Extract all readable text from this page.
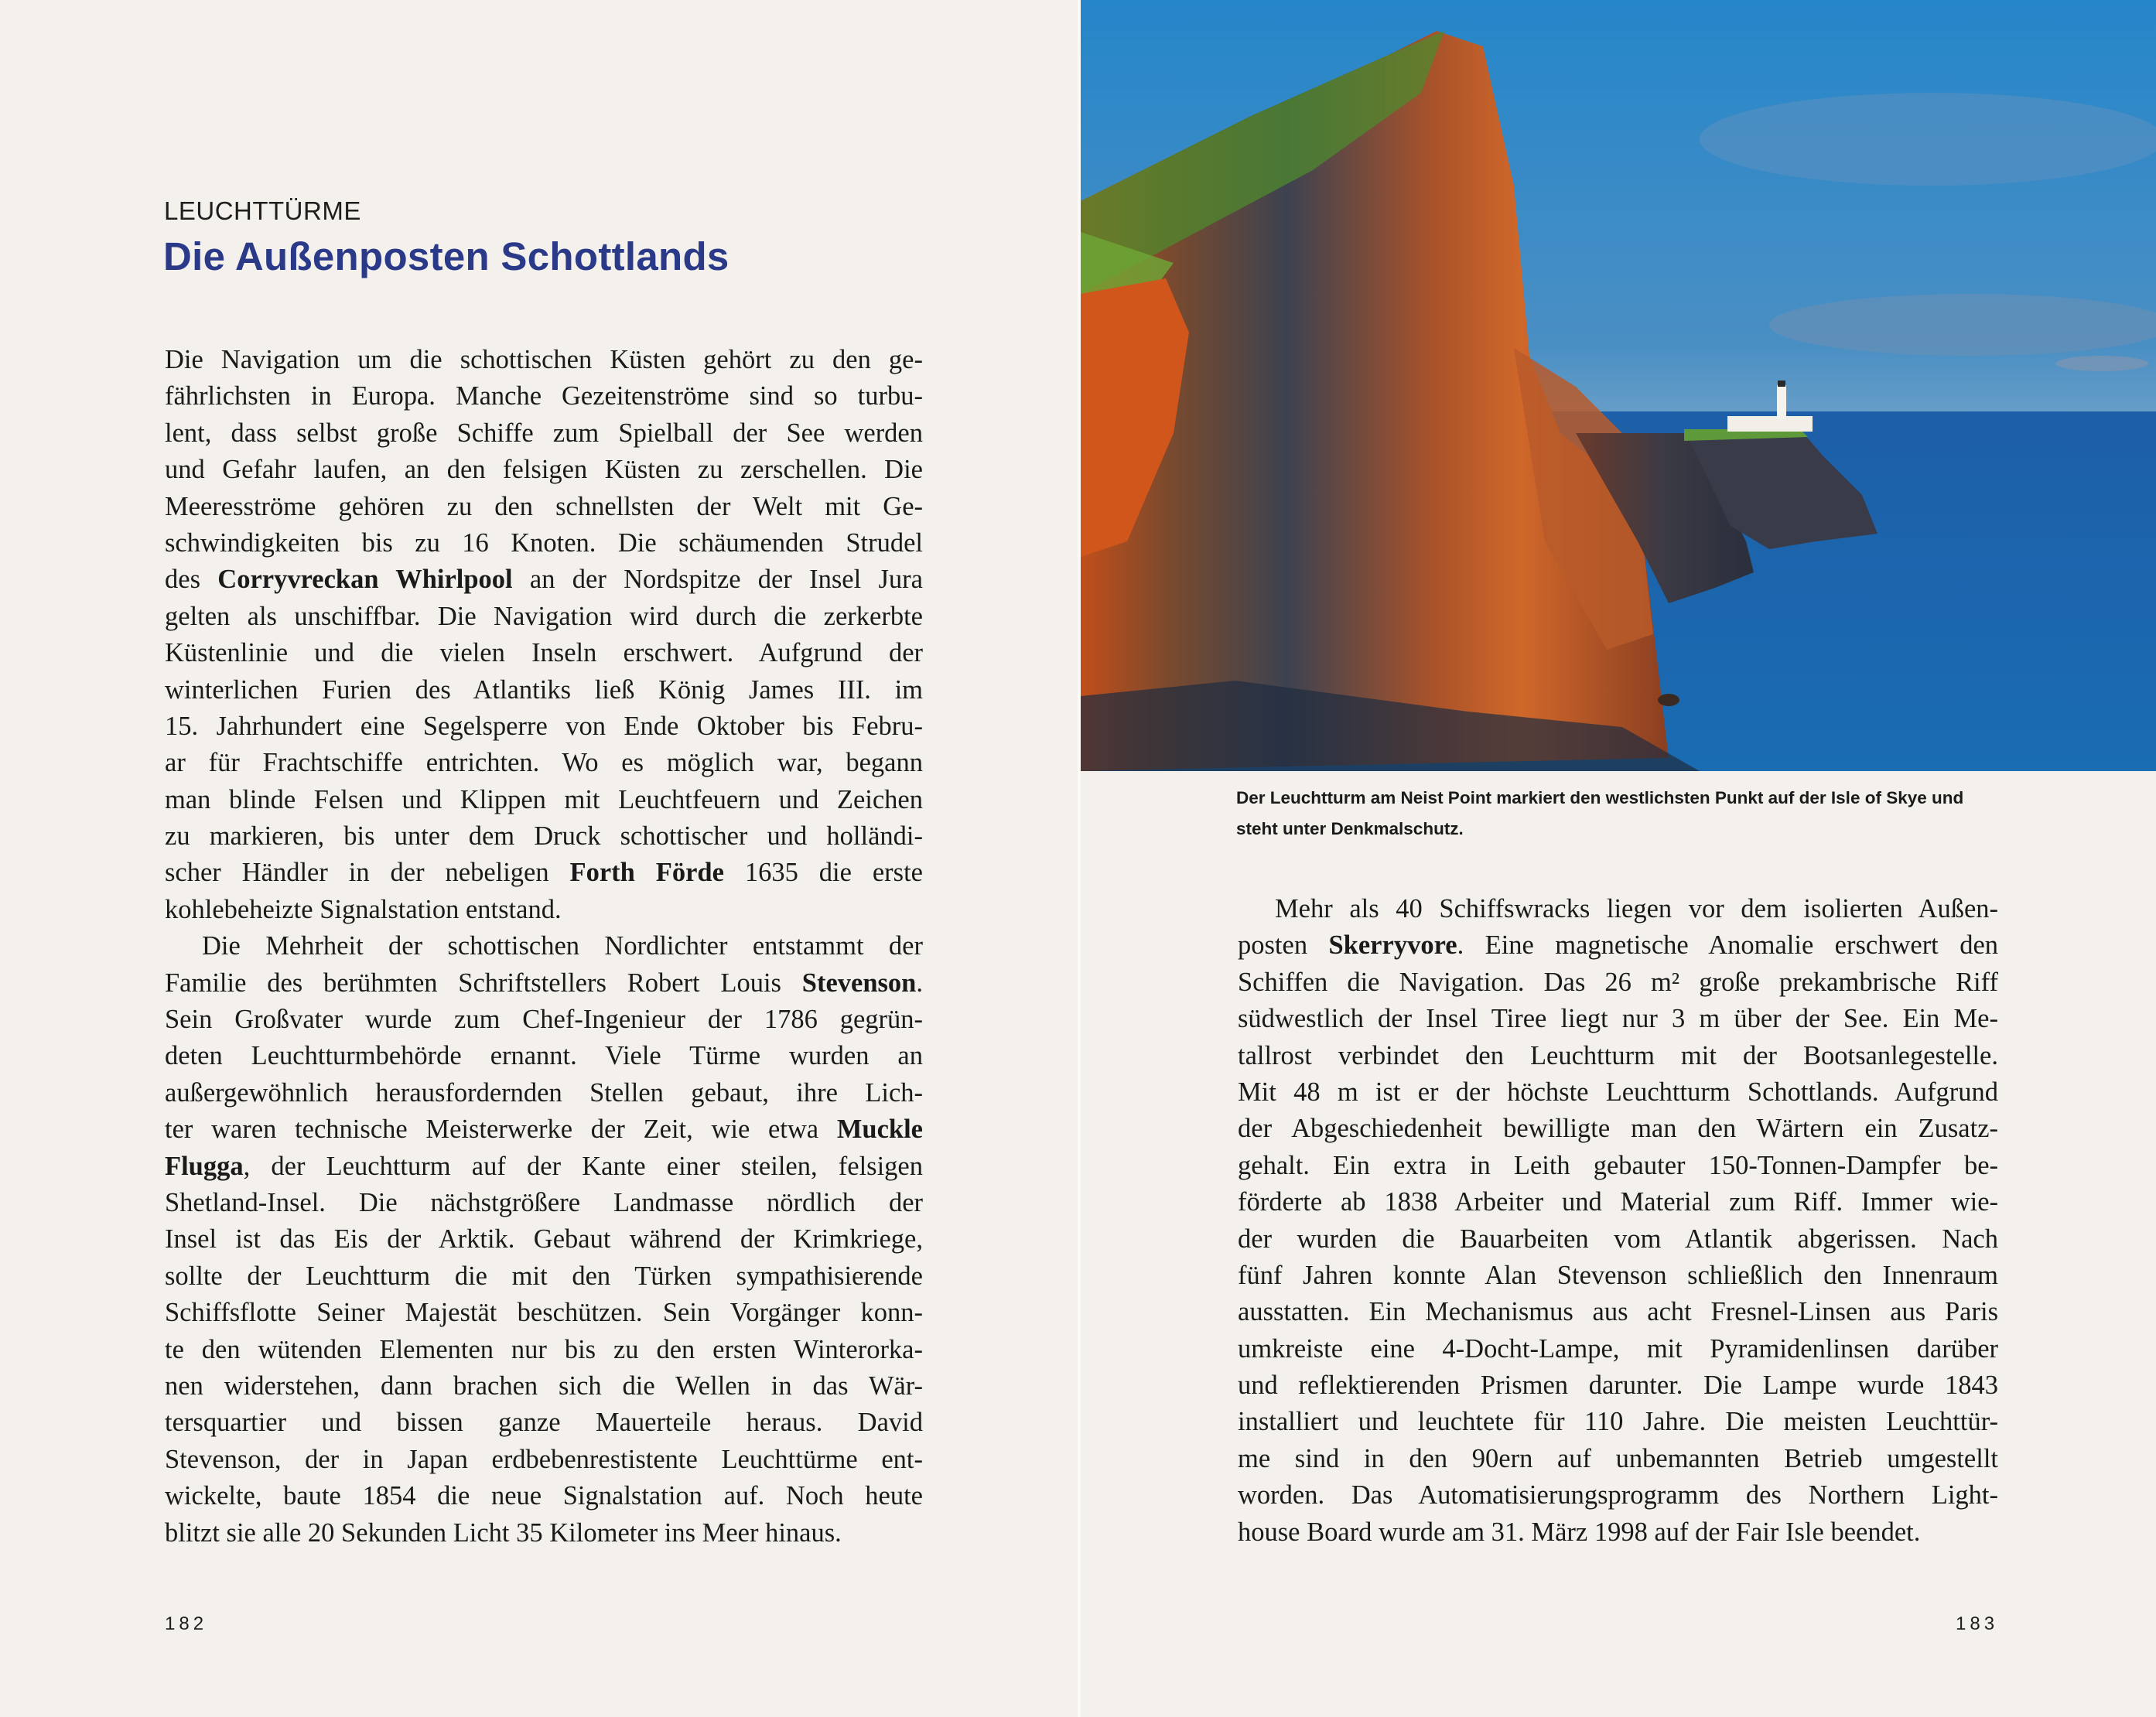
LEUCHTTÜRME
Die Außenposten Schottlands
Die Navigation um die schottischen Küsten gehört zu den ge-
fährlichsten in Europa. Manche Gezeitenströme sind so turbu-
lent, dass selbst große Schiffe zum Spielball der See werden
und Gefahr laufen, an den felsigen Küsten zu zerschellen. Die
Meeresströme gehören zu den schnellsten der Welt mit Ge-
schwindigkeiten bis zu 16 Knoten. Die schäumenden Strudel
des Corryvreckan Whirlpool an der Nordspitze der Insel Jura
gelten als unschiffbar. Die Navigation wird durch die zerkerbte
Küstenlinie und die vielen Inseln erschwert. Aufgrund der
winterlichen Furien des Atlantiks ließ König James III. im
15. Jahrhundert eine Segelsperre von Ende Oktober bis Febru-
ar für Frachtschiffe entrichten. Wo es möglich war, begann
man blinde Felsen und Klippen mit Leuchtfeuern und Zeichen
zu markieren, bis unter dem Druck schottischer und holländi-
scher Händler in der nebeligen Forth Förde 1635 die erste
kohlebeheizte Signalstation entstand.
Die Mehrheit der schottischen Nordlichter entstammt der
Familie des berühmten Schriftstellers Robert Louis Stevenson.
Sein Großvater wurde zum Chef-Ingenieur der 1786 gegrün-
deten Leuchtturmbehörde ernannt. Viele Türme wurden an
außergewöhnlich herausfordernden Stellen gebaut, ihre Lich-
ter waren technische Meisterwerke der Zeit, wie etwa Muckle
Flugga, der Leuchtturm auf der Kante einer steilen, felsigen
Shetland-Insel. Die nächstgrößere Landmasse nördlich der
Insel ist das Eis der Arktik. Gebaut während der Krimkriege,
sollte der Leuchtturm die mit den Türken sympathisierende
Schiffsflotte Seiner Majestät beschützen. Sein Vorgänger konn-
te den wütenden Elementen nur bis zu den ersten Winterorka-
nen widerstehen, dann brachen sich die Wellen in das Wär-
tersquartier und bissen ganze Mauerteile heraus. David
Stevenson, der in Japan erdbebenrestistente Leuchttürme ent-
wickelte, baute 1854 die neue Signalstation auf. Noch heute
blitzt sie alle 20 Sekunden Licht 35 Kilometer ins Meer hinaus.
Der Leuchtturm am Neist Point markiert den westlichsten Punkt auf der Isle of Skye und steht unter Denkmalschutz.
Mehr als 40 Schiffswracks liegen vor dem isolierten Außen-
posten Skerryvore. Eine magnetische Anomalie erschwert den
Schiffen die Navigation. Das 26 m² große prekambrische Riff
südwestlich der Insel Tiree liegt nur 3 m über der See. Ein Me-
tallrost verbindet den Leuchtturm mit der Bootsanlegestelle.
Mit 48 m ist er der höchste Leuchtturm Schottlands. Aufgrund
der Abgeschiedenheit bewilligte man den Wärtern ein Zusatz-
gehalt. Ein extra in Leith gebauter 150-Tonnen-Dampfer be-
förderte ab 1838 Arbeiter und Material zum Riff. Immer wie-
der wurden die Bauarbeiten vom Atlantik abgerissen. Nach
fünf Jahren konnte Alan Stevenson schließlich den Innenraum
ausstatten. Ein Mechanismus aus acht Fresnel-Linsen aus Paris
umkreiste eine 4-Docht-Lampe, mit Pyramidenlinsen darüber
und reflektierenden Prismen darunter. Die Lampe wurde 1843
installiert und leuchtete für 110 Jahre. Die meisten Leuchttür-
me sind in den 90ern auf unbemannten Betrieb umgestellt
worden. Das Automatisierungsprogramm des Northern Light-
house Board wurde am 31. März 1998 auf der Fair Isle beendet.
182	183
